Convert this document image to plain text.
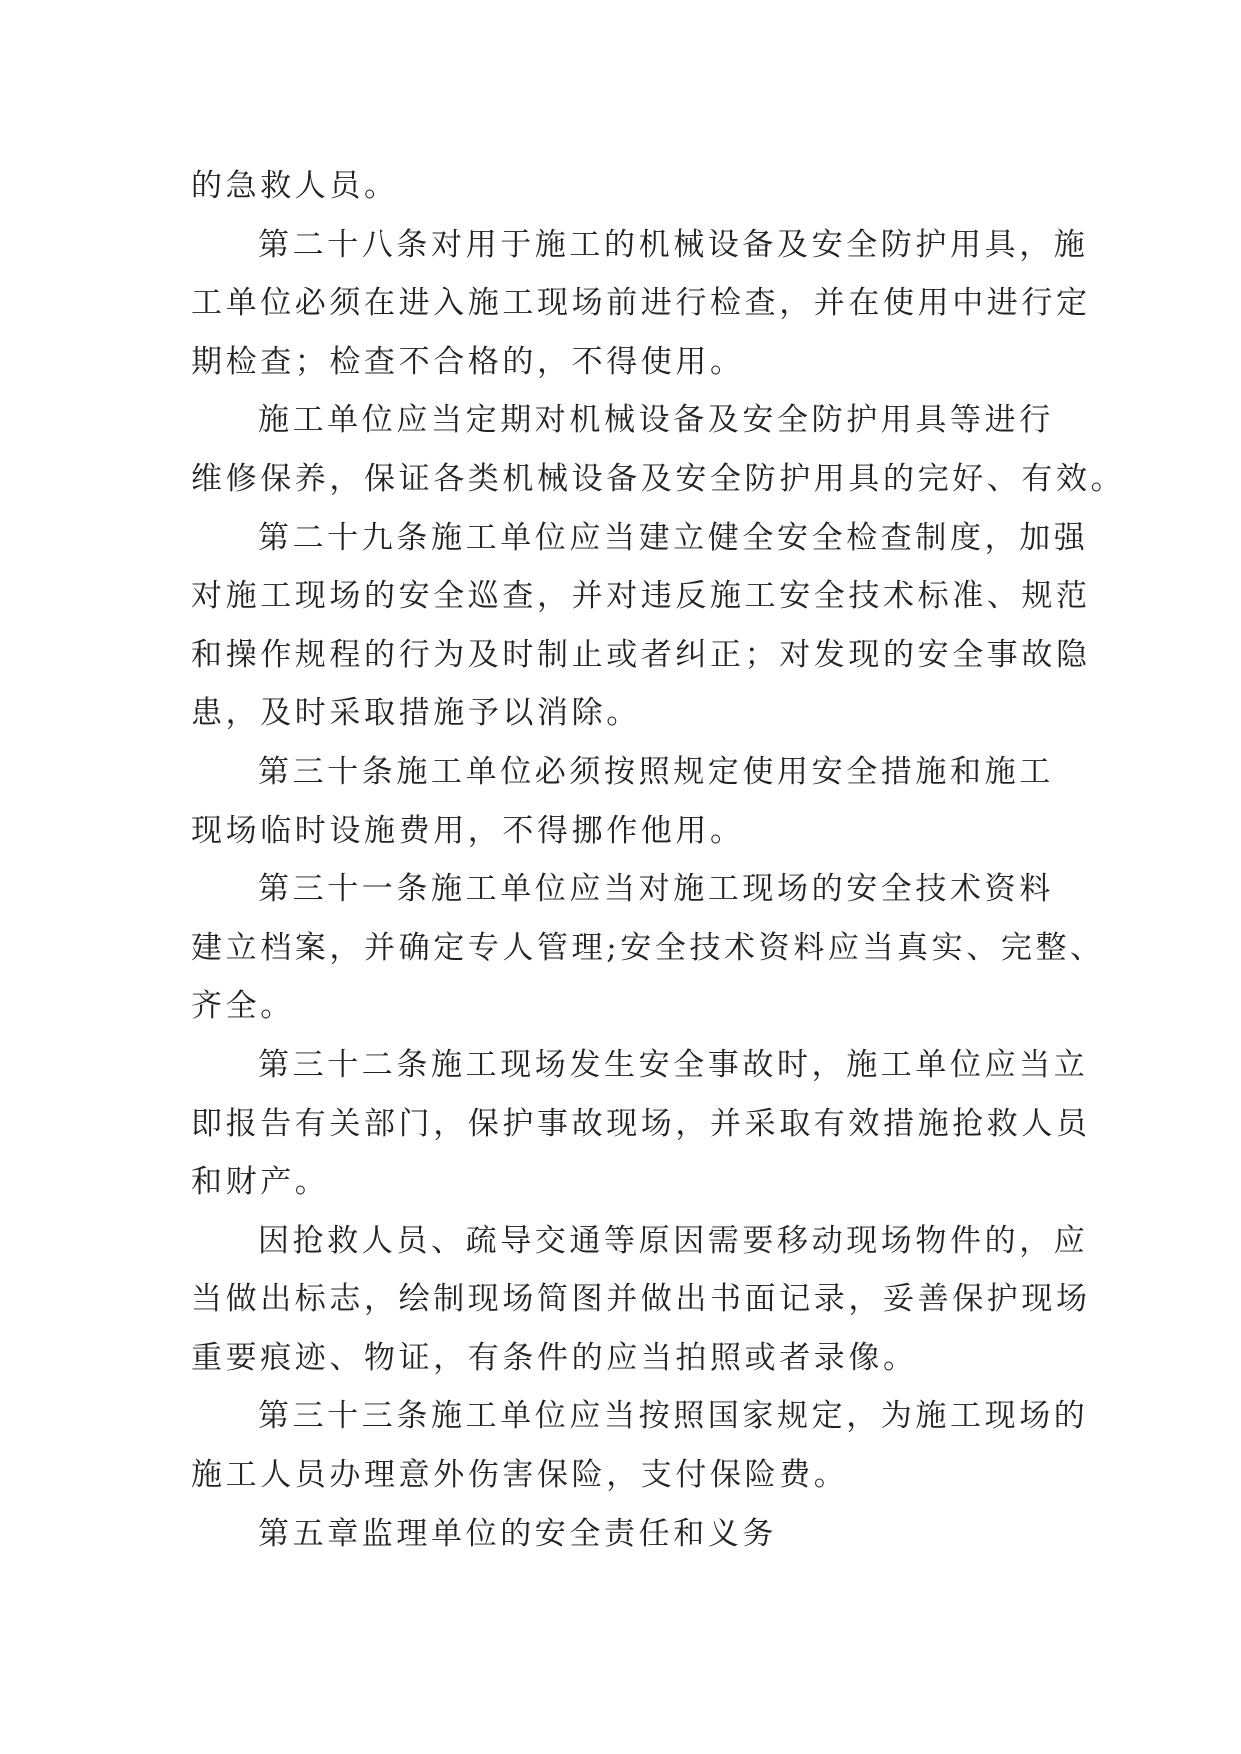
的急救人员。

第二十八条对用于施工的机械设备及安全防护用具，施
工单位必须在进入施工现场前进行检查，并在使用中进行定
期检查；检查不合格的，不得使用。

施工单位应当定期对机械设备及安全防护用具等进行
维修保养，保证各类机械设备及安全防护用具的完好、有效。

第二十九条施工单位应当建立健全安全检查制度，加强
对施工现场的安全巡查，并对违反施工安全技术标准、规范
和操作规程的行为及时制止或者纠正；对发现的安全事故隐
患，及时采取措施予以消除。

第三十条施工单位必须按照规定使用安全措施和施工
现场临时设施费用，不得挪作他用。

第三十一条施工单位应当对施工现场的安全技术资料
建立档案，并确定专人管理;安全技术资料应当真实、完整、
齐全。

第三十二条施工现场发生安全事故时，施工单位应当立
即报告有关部门，保护事故现场，并采取有效措施抢救人员
和财产。

因抢救人员、疏导交通等原因需要移动现场物件的，应
当做出标志，绘制现场简图并做出书面记录，妥善保护现场
重要痕迹、物证，有条件的应当拍照或者录像。

第三十三条施工单位应当按照国家规定，为施工现场的
施工人员办理意外伤害保险，支付保险费。

第五章监理单位的安全责任和义务
